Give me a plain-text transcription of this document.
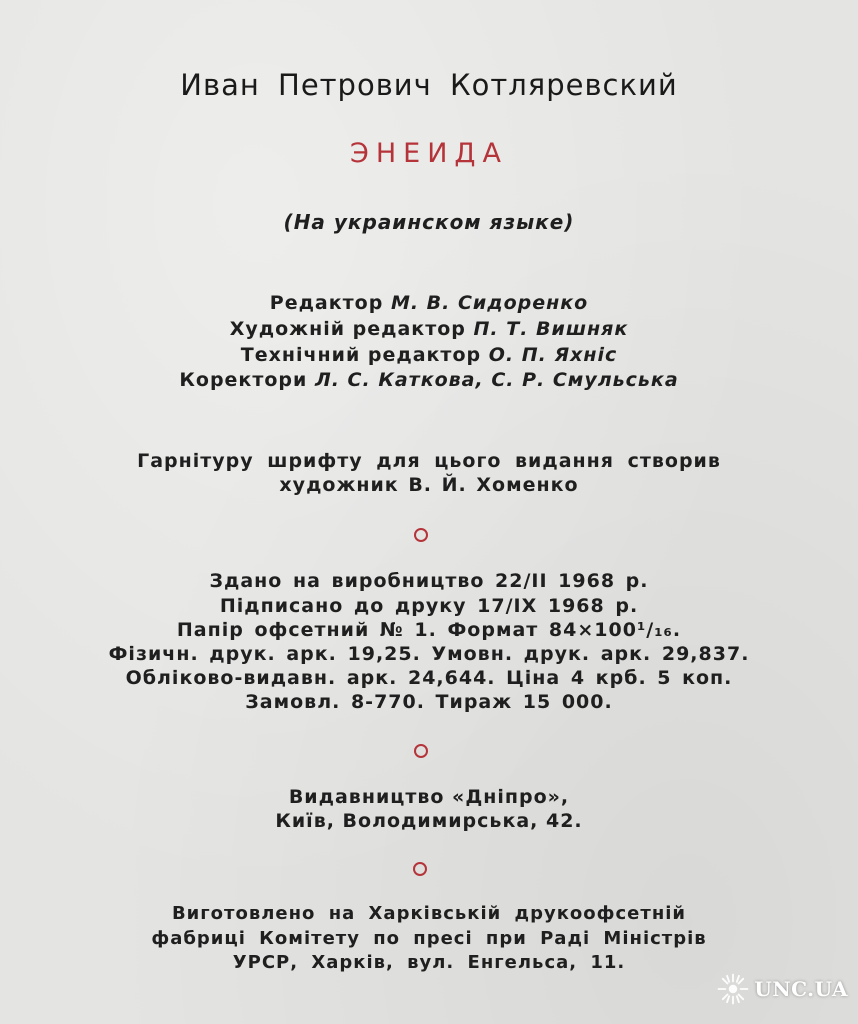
Иван Петрович Котляревский
ЭНЕИДА
(На украинском языке)
Редактор М. В. Сидоренко
Художній редактор П. Т. Вишняк
Технічний редактор О. П. Яхніс
Коректори Л. С. Каткова, С. Р. Смульська
Гарнітуру шрифту для цього видання створив
художник В. Й. Хоменко
Здано на виробництво 22/ІІ 1968 р.
Підписано до друку 17/ІХ 1968 р.
Папір офсетний № 1. Формат 84×100¹/₁₆.
Фізичн. друк. арк. 19,25. Умовн. друк. арк. 29,837.
Обліково-видавн. арк. 24,644. Ціна 4 крб. 5 коп.
Замовл. 8-770. Тираж 15 000.
Видавництво «Дніпро»,
Київ, Володимирська, 42.
Виготовлено на Харківській друкоофсетній
фабриці Комітету по пресі при Раді Міністрів
УРСР, Харків, вул. Енгельса, 11.
UNC.UA
